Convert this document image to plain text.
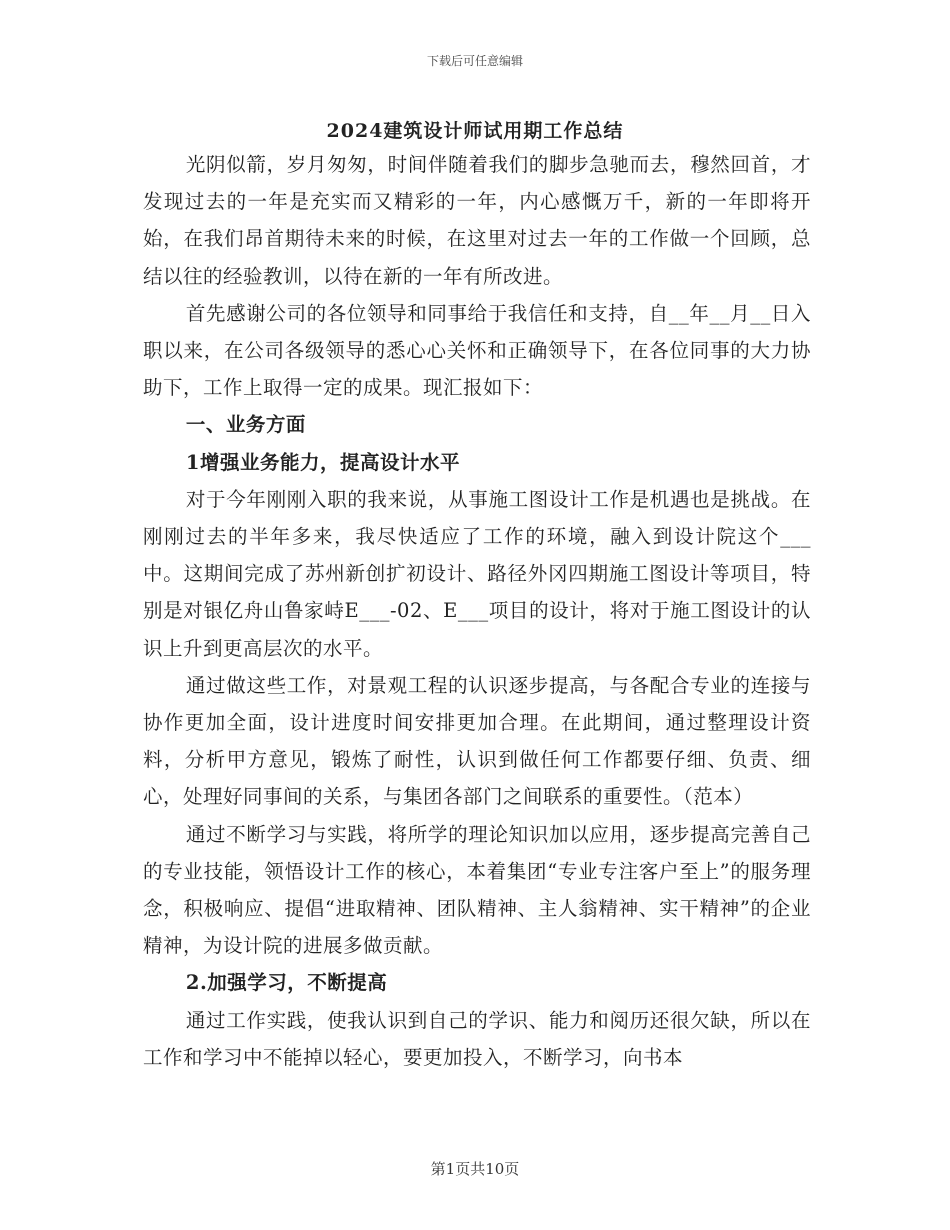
下载后可任意编辑
2024建筑设计师试用期工作总结

光阴似箭，岁月匆匆，时间伴随着我们的脚步急驰而去，穆然回首，才发现过去的一年是充实而又精彩的一年，内心感慨万千，新的一年即将开始，在我们昂首期待未来的时候，在这里对过去一年的工作做一个回顾，总结以往的经验教训，以待在新的一年有所改进。

首先感谢公司的各位领导和同事给于我信任和支持，自__年__月__日入职以来，在公司各级领导的悉心心关怀和正确领导下，在各位同事的大力协助下，工作上取得一定的成果。现汇报如下：

一、业务方面

1增强业务能力，提高设计水平

对于今年刚刚入职的我来说，从事施工图设计工作是机遇也是挑战。在刚刚过去的半年多来，我尽快适应了工作的环境，融入到设计院这个___中。这期间完成了苏州新创扩初设计、路径外冈四期施工图设计等项目，特别是对银亿舟山鲁家峙E___-02、E___项目的设计，将对于施工图设计的认识上升到更高层次的水平。

通过做这些工作，对景观工程的认识逐步提高，与各配合专业的连接与协作更加全面，设计进度时间安排更加合理。在此期间，通过整理设计资料，分析甲方意见，锻炼了耐性，认识到做任何工作都要仔细、负责、细心，处理好同事间的关系，与集团各部门之间联系的重要性。（范本）

通过不断学习与实践，将所学的理论知识加以应用，逐步提高完善自己的专业技能，领悟设计工作的核心，本着集团“专业专注客户至上”的服务理念，积极响应、提倡“进取精神、团队精神、主人翁精神、实干精神”的企业精神，为设计院的进展多做贡献。

2.加强学习，不断提高

通过工作实践，使我认识到自己的学识、能力和阅历还很欠缺，所以在工作和学习中不能掉以轻心，要更加投入，不断学习，向书本

第1页共10页
